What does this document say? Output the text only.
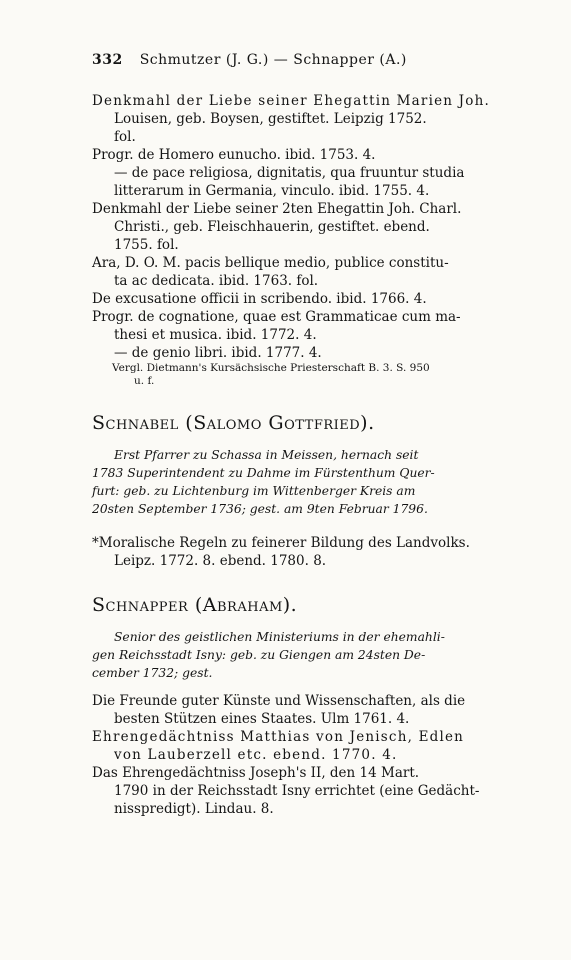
332 Schmutzer (J. G.) — Schnapper (A.)
Denkmahl der Liebe seiner Ehegattin Marien Joh.
Louisen, geb. Boysen, gestiftet. Leipzig 1752.
fol.
Progr. de Homero eunucho. ibid. 1753. 4.
— de pace religiosa, dignitatis, qua fruuntur studia
litterarum in Germania, vinculo. ibid. 1755. 4.
Denkmahl der Liebe seiner 2ten Ehegattin Joh. Charl.
Christi., geb. Fleischhauerin, gestiftet. ebend.
1755. fol.
Ara, D. O. M. pacis bellique medio, publice constitu-
ta ac dedicata. ibid. 1763. fol.
De excusatione officii in scribendo. ibid. 1766. 4.
Progr. de cognatione, quae est Grammaticae cum ma-
thesi et musica. ibid. 1772. 4.
— de genio libri. ibid. 1777. 4.
Vergl. Dietmann's Kursächsische Priesterschaft B. 3. S. 950
u. f.
Schnabel (Salomo Gottfried).
Erst Pfarrer zu Schassa in Meissen, hernach seit
1783 Superintendent zu Dahme im Fürstenthum Quer-
furt: geb. zu Lichtenburg im Wittenberger Kreis am
20sten September 1736; gest. am 9ten Februar 1796.
*Moralische Regeln zu feinerer Bildung des Landvolks.
Leipz. 1772. 8. ebend. 1780. 8.
Schnapper (Abraham).
Senior des geistlichen Ministeriums in der ehemahli-
gen Reichsstadt Isny: geb. zu Giengen am 24sten De-
cember 1732; gest.
Die Freunde guter Künste und Wissenschaften, als die
besten Stützen eines Staates. Ulm 1761. 4.
Ehrengedächtniss Matthias von Jenisch, Edlen
von Lauberzell etc. ebend. 1770. 4.
Das Ehrengedächtniss Joseph's II, den 14 Mart.
1790 in der Reichsstadt Isny errichtet (eine Gedächt-
nisspredigt). Lindau. 8.
